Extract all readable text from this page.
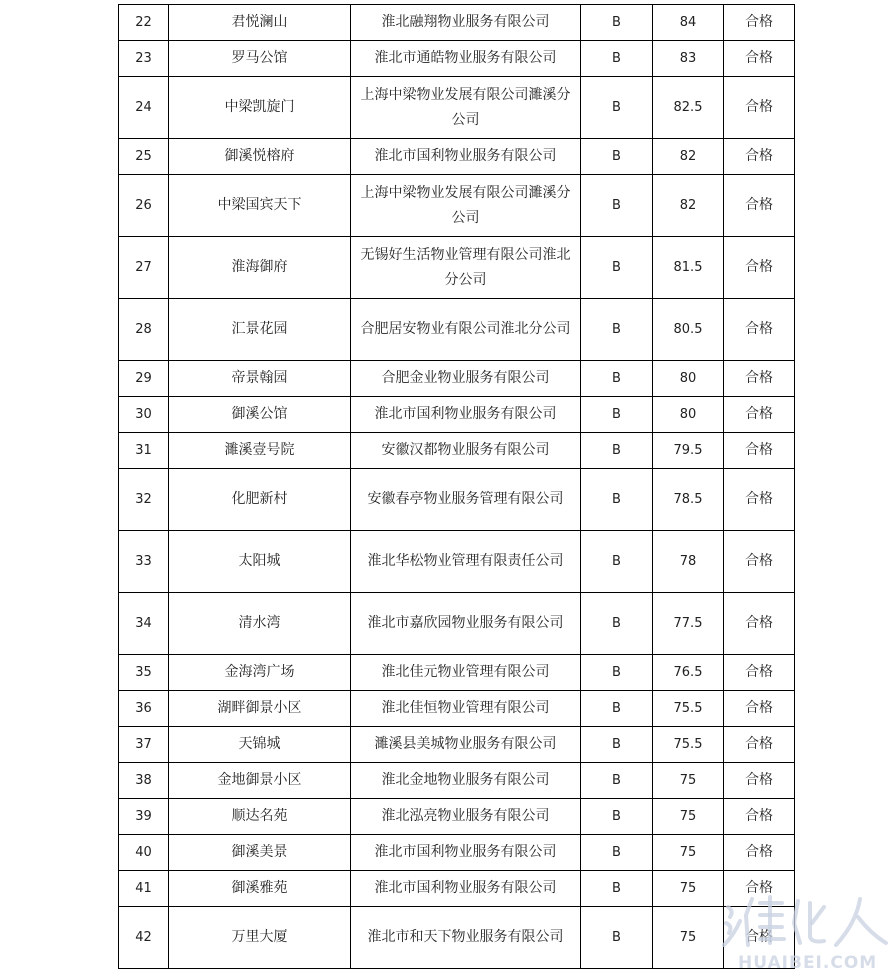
22	君悦澜山	淮北融翔物业服务有限公司	B	84	合格
23	罗马公馆	淮北市通皓物业服务有限公司	B	83	合格
24	中梁凯旋门	上海中梁物业发展有限公司濉溪分公司	B	82.5	合格
25	御溪悦榕府	淮北市国利物业服务有限公司	B	82	合格
26	中梁国宾天下	上海中梁物业发展有限公司濉溪分公司	B	82	合格
27	淮海御府	无锡好生活物业管理有限公司淮北分公司	B	81.5	合格
28	汇景花园	合肥居安物业有限公司淮北分公司	B	80.5	合格
29	帝景翰园	合肥金业物业服务有限公司	B	80	合格
30	御溪公馆	淮北市国利物业服务有限公司	B	80	合格
31	濉溪壹号院	安徽汉都物业服务有限公司	B	79.5	合格
32	化肥新村	安徽春亭物业服务管理有限公司	B	78.5	合格
33	太阳城	淮北华松物业管理有限责任公司	B	78	合格
34	清水湾	淮北市嘉欣园物业服务有限公司	B	77.5	合格
35	金海湾广场	淮北佳元物业管理有限公司	B	76.5	合格
36	湖畔御景小区	淮北佳恒物业管理有限公司	B	75.5	合格
37	天锦城	濉溪县美城物业服务有限公司	B	75.5	合格
38	金地御景小区	淮北金地物业服务有限公司	B	75	合格
39	顺达名苑	淮北泓亮物业服务有限公司	B	75	合格
40	御溪美景	淮北市国利物业服务有限公司	B	75	合格
41	御溪雅苑	淮北市国利物业服务有限公司	B	75	合格
42	万里大厦	淮北市和天下物业服务有限公司	B	75	合格
HUAIBEI.COM
